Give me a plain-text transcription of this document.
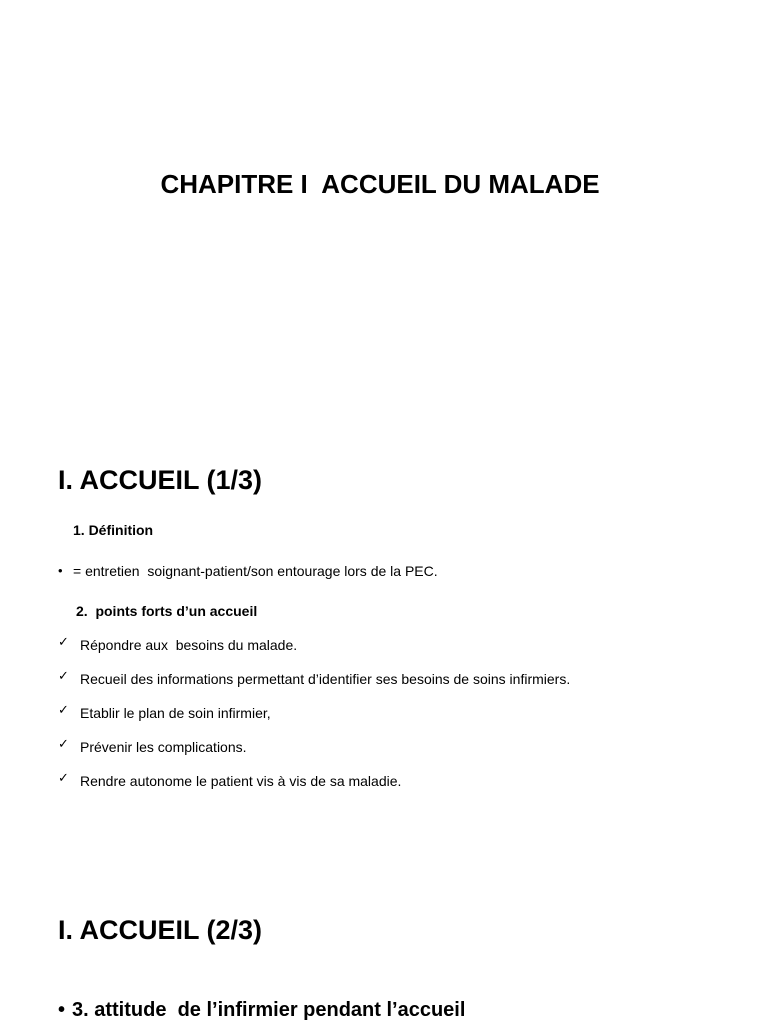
CHAPITRE I  ACCUEIL DU MALADE
I. ACCUEIL (1/3)
1. Définition
• = entretien  soignant-patient/son entourage lors de la PEC.
2.  points forts d’un accueil
✓ Répondre aux  besoins du malade.
✓ Recueil des informations permettant d’identifier ses besoins de soins infirmiers.
✓ Etablir le plan de soin infirmier,
✓ Prévenir les complications.
✓ Rendre autonome le patient vis à vis de sa maladie.
I. ACCUEIL (2/3)
• 3. attitude  de l’infirmier pendant l’accueil
